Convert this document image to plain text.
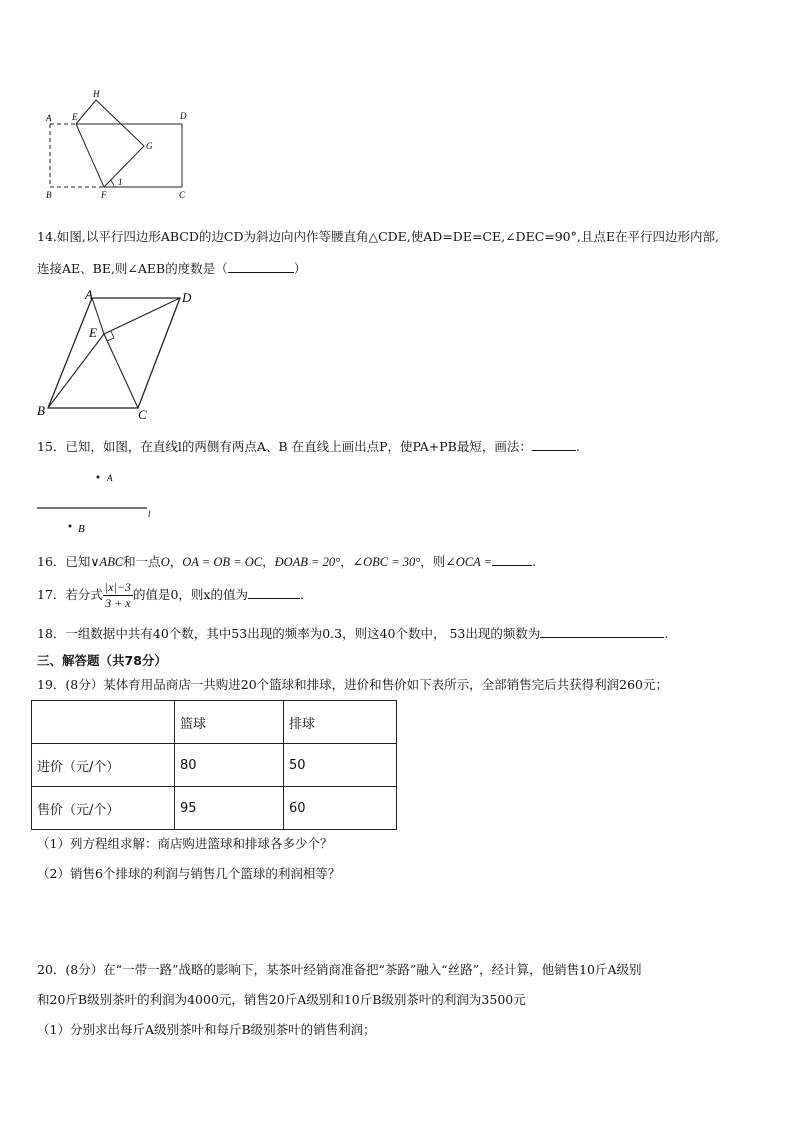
A E
H
D
G
B	F	C
1
14.如图,以平行四边形ABCD的边CD为斜边向内作等腰直角△CDE,使AD=DE=CE,∠DEC=90°,且点E在平行四边形内部,
连接AE、BE,则∠AEB的度数是（	）
A	D
E
B	C
15．已知，如图，在直线l的两侧有两点A、B 在直线上画出点P，使PA+PB最短，画法：	.
A
l
B
16．已知∨ABC和一点O，OA = OB = OC，ĐOAB = 20°，∠OBC = 30°，则∠OCA =	.
17．若分式 $\frac{|x|-3}{3 + x}$ 的值是0，则x的值为	.
18．一组数据中共有40个数，其中53出现的频率为0.3，则这40个数中， 53出现的频数为	.
三、解答题（共78分）
19．(8分）某体育用品商店一共购进20个篮球和排球，进价和售价如下表所示，全部销售完后共获得利润260元；
	篮球	排球
进价（元/个）	80	50
售价（元/个）	95	60
（1）列方程组求解：商店购进篮球和排球各多少个？
（2）销售6个排球的利润与销售几个篮球的利润相等？
20．(8分）在“一带一路”战略的影响下，某茶叶经销商准备把“茶路”融入“丝路”，经计算，他销售10斤A级别
和20斤B级别茶叶的利润为4000元，销售20斤A级别和10斤B级别茶叶的利润为3500元
（1）分别求出每斤A级别茶叶和每斤B级别茶叶的销售利润；
